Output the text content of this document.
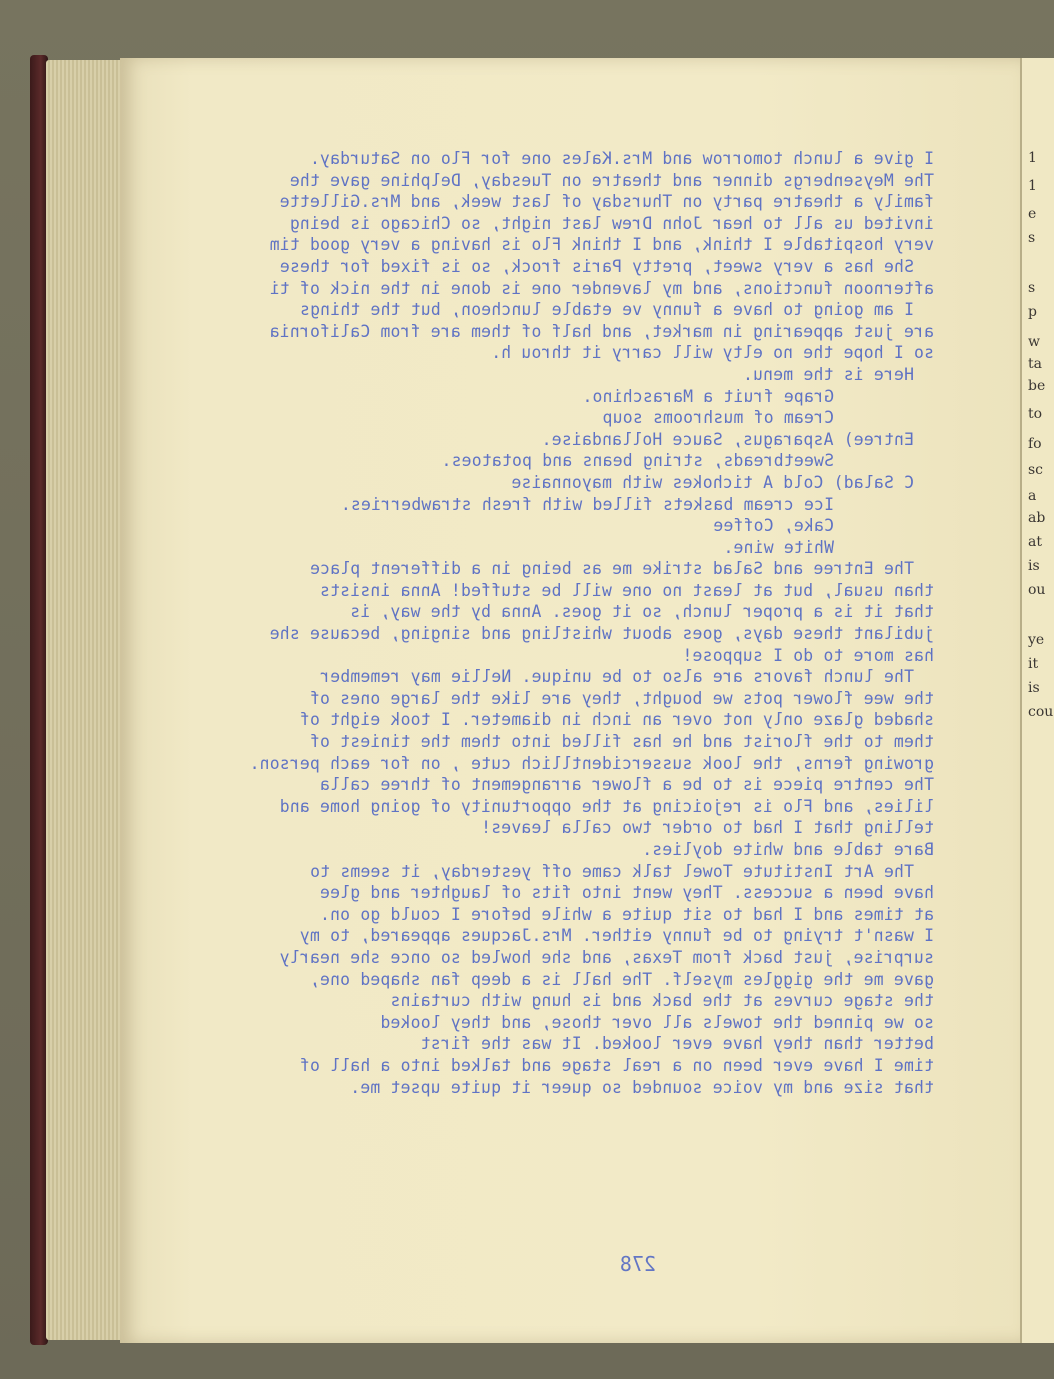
1
1
e
s
s
p
w
ta
be
to
fo
sc
a
ab
at
is
ou
ye
it
is
cou
I give a lunch tomorrow and Mrs.Kales one for Flo on Saturday.
The Meysenbergs dinner and theatre on Tuesday, Delphine gave the
family a theatre party on Thursday of last week, and Mrs.Gillette
invited us all to hear John Drew last night, so Chicago is being
very hospitable I think, and I think Flo is having a very good tim
She has a very sweet, pretty Paris frock, so is fixed for these
afternoon functions, and my lavender one is done in the nick of ti
I am going to have a funny ve etable luncheon, but the things
are just appearing in market, and half of them are from California
so I hope the no elty will carry it throu h.
Here is the menu.
Grape fruit a Maraschino.
Cream of mushrooms soup
Entree) Asparagus, Sauce Hollandaise.
Sweetbreads, string beans and potatoes.
C Salad) Cold A tichokes with mayonnaise
Ice cream baskets filled with fresh strawberries.
Cake, Coffee
White wine.
The Entree and Salad strike me as being in a different place
than usual, but at least no one will be stuffed! Anna insists
that it is a proper lunch, so it goes. Anna by the way, is
jubilant these days, goes about whistling and singing, because she
has more to do I suppose!
The lunch favors are also to be unique. Nellie may remember
the wee flower pots we bought, they are like the large ones of
shaded glaze only not over an inch in diameter. I took eight of
them to the florist and he has filled into them the tiniest of
growing ferns, the look sussercidentllich cute , on for each person.
The centre piece is to be a flower arrangement of three calla
lilies, and Flo is rejoicing at the opportunity of going home and
telling that I had to order two calla leaves!
Bare table and white doylies.
The Art Institute Towel talk came off yesterday, it seems to
have been a success. They went into fits of laughter and glee
at times and I had to sit quite a while before I could go on.
I wasn't trying to be funny either. Mrs.Jacques appeared, to my
surprise, just back from Texas, and she howled so once she nearly
gave me the giggles myself. The hall is a deep fan shaped one,
the stage curves at the back and is hung with curtains
so we pinned the towels all over those, and they looked
better than they have ever looked. It was the first
time I have ever been on a real stage and talked into a hall of
that size and my voice sounded so queer it quite upset me.
278
